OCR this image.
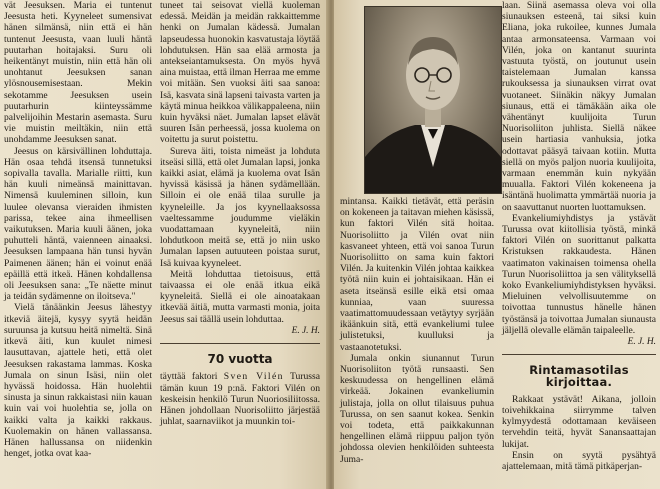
vät Jeesuksen. Maria ei tuntenut Jeesusta heti. Kyyneleet sumensivat hänen silmänsä, niin että ei hän tuntenut Jeesusta, vaan luuli häntä puutarhan hoitajaksi. Suru oli heikentänyt muistin, niin että hän oli unohtanut Jeesuksen sanan ylösnousemisestaan. Mekin sekotamme Jeesuksen usein puutarhurin kiinteyssämme palvelijoihin Mestarin asemasta. Suru vie muistin meiltäkin, niin että unohdamme Jeesuksen sanat.

Jeesus on kärsivällinen lohduttaja. Hän osaa tehdä itsensä tunnetuksi sopivalla tavalla. Marialle riitti, kun hän kuuli nimeänsä mainittavan. Nimensä kuuleminen silloin, kun luulee olevansa vieraiden ihmisten parissa, tekee aina ihmeellisen vaikutuksen. Maria kuuli äänen, joka puhutteli häntä, vaienneen ainaaksi. Jeesuksen lampaana hän tunsi hyvän Paimenen äänen; hän ei voinut enää epäillä että itkeä. Hänen kohdallensa oli Jeesuksen sana: „Te näette minut ja teidän sydämenne on iloitseva."

Vielä tänäänkin Jeesus lähestyy itkeviä äitejä, kysyy syytä heidän suruunsa ja kutsuu heitä nimeltä. Sinä itkevä äiti, kun kuulet nimesi lausuttavan, ajattele heti, että olet Jeesuksen rakastama lammas. Koska Jumala on sinun Isäsi, niin olet hyvässä hoidossa. Hän huolehtii sinusta ja sinun rakkaistasi niin kauan kuin vai voi huolehtia se, jolla on kaikki valta ja kaikki rakkaus. Kuolemakin on hänen vallassansa. Hänen hallussansa on niidenkin henget, jotka ovat kaa-

tuneet tai seisovat viellä kuoleman edessä. Meidän ja meidän rakkaittemme henki on Jumalan kädessä. Jumalan lapseudessa huonokin kasvatustaja löytää lohdutuksen. Hän saa elää armosta ja antekseiantamuksesta. On myös hyvä aina muistaa, että ilman Herraa me emme voi mitään. Sen vuoksi äiti saa sanoa: Isä, kasvata sinä lapseni taivasta varten ja käytä minua heikkoa välikappaleena, niin kuin hyväksi näet. Jumalan lapset elävät suuren Isän perheessä, jossa kuolema on voitettu ja surut poistettu.

Sureva äiti, toista nimeäst ja lohduta itseäsi sillä, että olet Jumalan lapsi, jonka kaikki asiat, elämä ja kuolema ovat Isän hyvissä käsissä ja hänen sydämellään. Silloin ei ole enää tilaa surulle ja kyyneleille. Ja jos kyynellaaksossa vaeltessamme joudumme vieläkin vuodattamaan kyyneleitä, niin lohdutkoon meitä se, että jo niin usko Jumalan lapsen autuuteen poistaa surut, Isä kuivaa kyyneleet.

Meitä lohduttaa tietoisuus, että taivaassa ei ole enää itkua eikä kyyneleitä. Siellä ei ole ainoatakaan itkevää äitiä, mutta varmasti monia, joita Jeesus sai täällä usein lohduttaa.

E. J. H.
70 vuotta

täyttää faktori Sven Vilén Turussa tämän kuun 19 p:nä. Faktori Vilén on keskeisin henkilö Turun Nuoriosiliitossa. Hänen johdollaan Nuorisoliitto järjestää juhlat, saarnaviikot ja muunkin toi-

mintansa. Kaikki tietävät, että peräsin on kokeneen ja taitavan miehen käsissä, kun faktori Vilén sitä hoitaa. Nuorisoliitto ja Vilén ovat niin kasvaneet yhteen, että voi sanoa Turun Nuorisoliitto on sama kuin faktori Vilén. Ja kuitenkin Vilén johtaa kaikkea työtä niin kuin ei johtaisikaan. Hän ei aseta itseänsä esille eikä etsi omaa kunniaa, vaan suuressa vaatimattomuudessaan vetäytyy syrjään ikäänkuin sitä, että evankeliumi tulee julistetuksi, kuulluksi ja vastaanotetuksi.

Jumala onkin siunannut Turun Nuorisoliiton työtä runsaasti. Sen keskuudessa on hengellinen elämä virkeää. Jokainen evankeliumin julistaja, jolla on ollut tilaisuus puhua Turussa, on sen saanut kokea. Senkin voi todeta, että paikkakunnan hengellinen elämä riippuu paljon työn johdossa olevien henkilöiden suhteesta Juma-

laan. Siinä asemassa oleva voi olla siunauksen esteenä, tai siksi kuin Eliana, joka rukoilee, kunnes Jumala antaa armonsateensa. Varmaan voi Vilén, joka on kantanut suurinta vastuuta työstä, on joutunut usein taistelemaan Jumalan kanssa rukouksessa ja siunauksen virrat ovat vuotaneet. Siinäkin näkyy Jumalan siunaus, että ei tämäkään aika ole vähentänyt kuulijoita Turun Nuorisoliiton juhlista. Siellä näkee usein hartiasia vanhuksia, jotka odottavat pääsyä taivaan kotiin. Mutta siellä on myös paljon nuoria kuulijoita, varmaan enemmän kuin nykyään muualla. Faktori Vilén kokeneena ja isäntänä huolimatta ymmärtää nuoria ja on saavuttanut nuorten luottamuksen.

Evankeliumiyhdistys ja ystävät Turussa ovat kiitollisia työstä, minkä faktori Vilén on suorittanut palkatta Kristuksen rakkaudesta. Hänen vaatimaton vakinaisen toimensa ohella Turun Nuorisoliittoa ja sen välityksellä koko Evankeliumiyhdistyksen hyväksi. Mieluinen velvollisuutemme on toivottaa tunnustus hänelle hänen työstänsä ja toivottaa Jumalan siunausta jäljellä olevalle elämän taipaleelle.

E. J. H.
Rintamasotilas kirjoittaa.

Rakkaat ystävät! Aikana, jolloin toivehikkaina siirrymme talven kylmyydestä odottamaan keväiseen tervehdin teitä, hyvät Sanansaattajan lukijat.

Ensin on syytä pysähtyä ajattelemaan, mitä tämä pitkäperjan-
